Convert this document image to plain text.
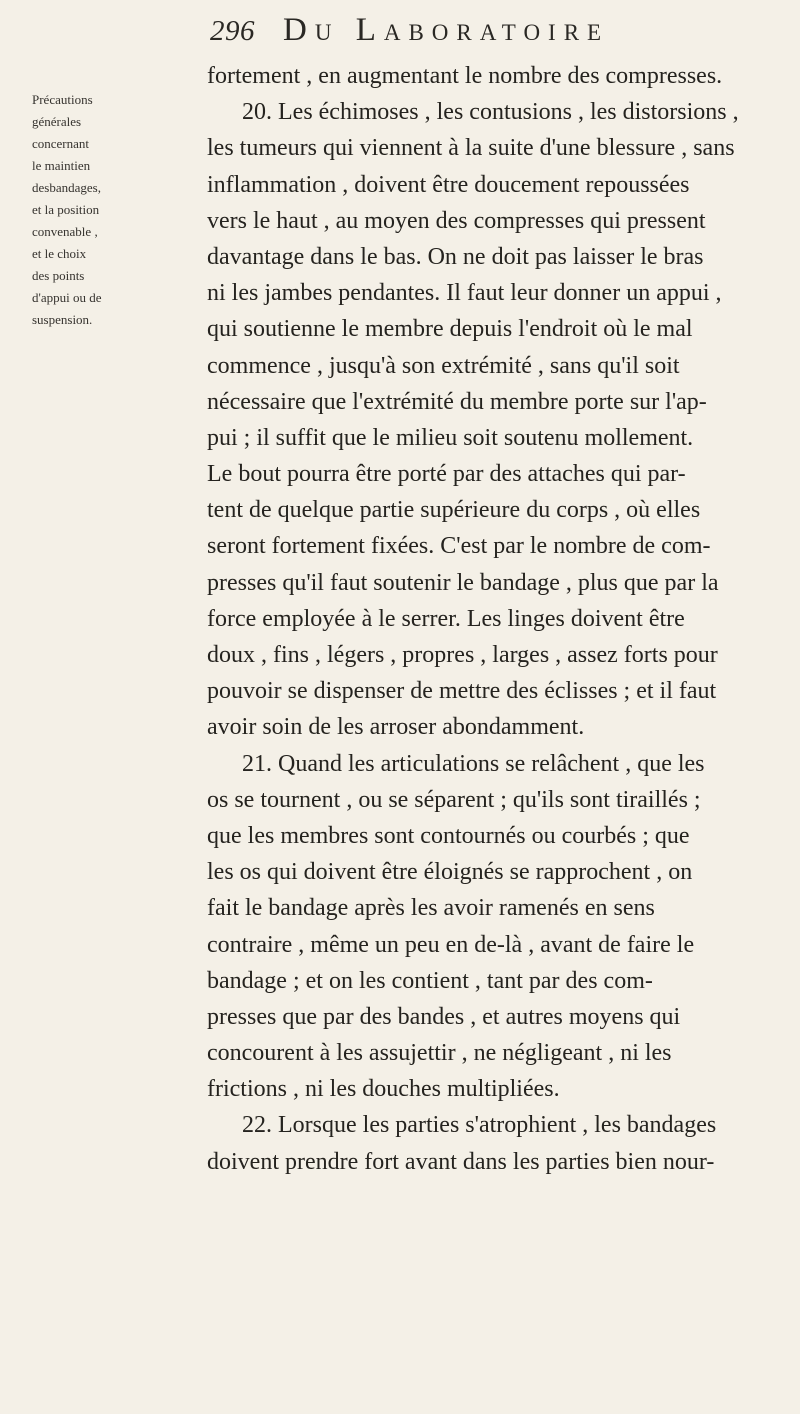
296 Du Laboratoire
Précautions
générales
concernant
le maintien
desbandages,
et la position
convenable ,
et le choix
des points
d'appui ou de
suspension.
fortement , en augmentant le nombre des compresses.
20. Les échimoses , les contusions , les distorsions ,
les tumeurs qui viennent à la suite d'une blessure , sans
inflammation , doivent être doucement repoussées
vers le haut , au moyen des compresses qui pressent
davantage dans le bas. On ne doit pas laisser le bras
ni les jambes pendantes. Il faut leur donner un appui ,
qui soutienne le membre depuis l'endroit où le mal
commence , jusqu'à son extrémité , sans qu'il soit
nécessaire que l'extrémité du membre porte sur l'ap-
pui ; il suffit que le milieu soit soutenu mollement.
Le bout pourra être porté par des attaches qui par-
tent de quelque partie supérieure du corps , où elles
seront fortement fixées. C'est par le nombre de com-
presses qu'il faut soutenir le bandage , plus que par la
force employée à le serrer. Les linges doivent être
doux , fins , légers , propres , larges , assez forts pour
pouvoir se dispenser de mettre des éclisses ; et il faut
avoir soin de les arroser abondamment.
21. Quand les articulations se relâchent , que les
os se tournent , ou se séparent ; qu'ils sont tiraillés ;
que les membres sont contournés ou courbés ; que
les os qui doivent être éloignés se rapprochent , on
fait le bandage après les avoir ramenés en sens
contraire , même un peu en de-là , avant de faire le
bandage ; et on les contient , tant par des com-
presses que par des bandes , et autres moyens qui
concourent à les assujettir , ne négligeant , ni les
frictions , ni les douches multipliées.
22. Lorsque les parties s'atrophient , les bandages
doivent prendre fort avant dans les parties bien nour-
